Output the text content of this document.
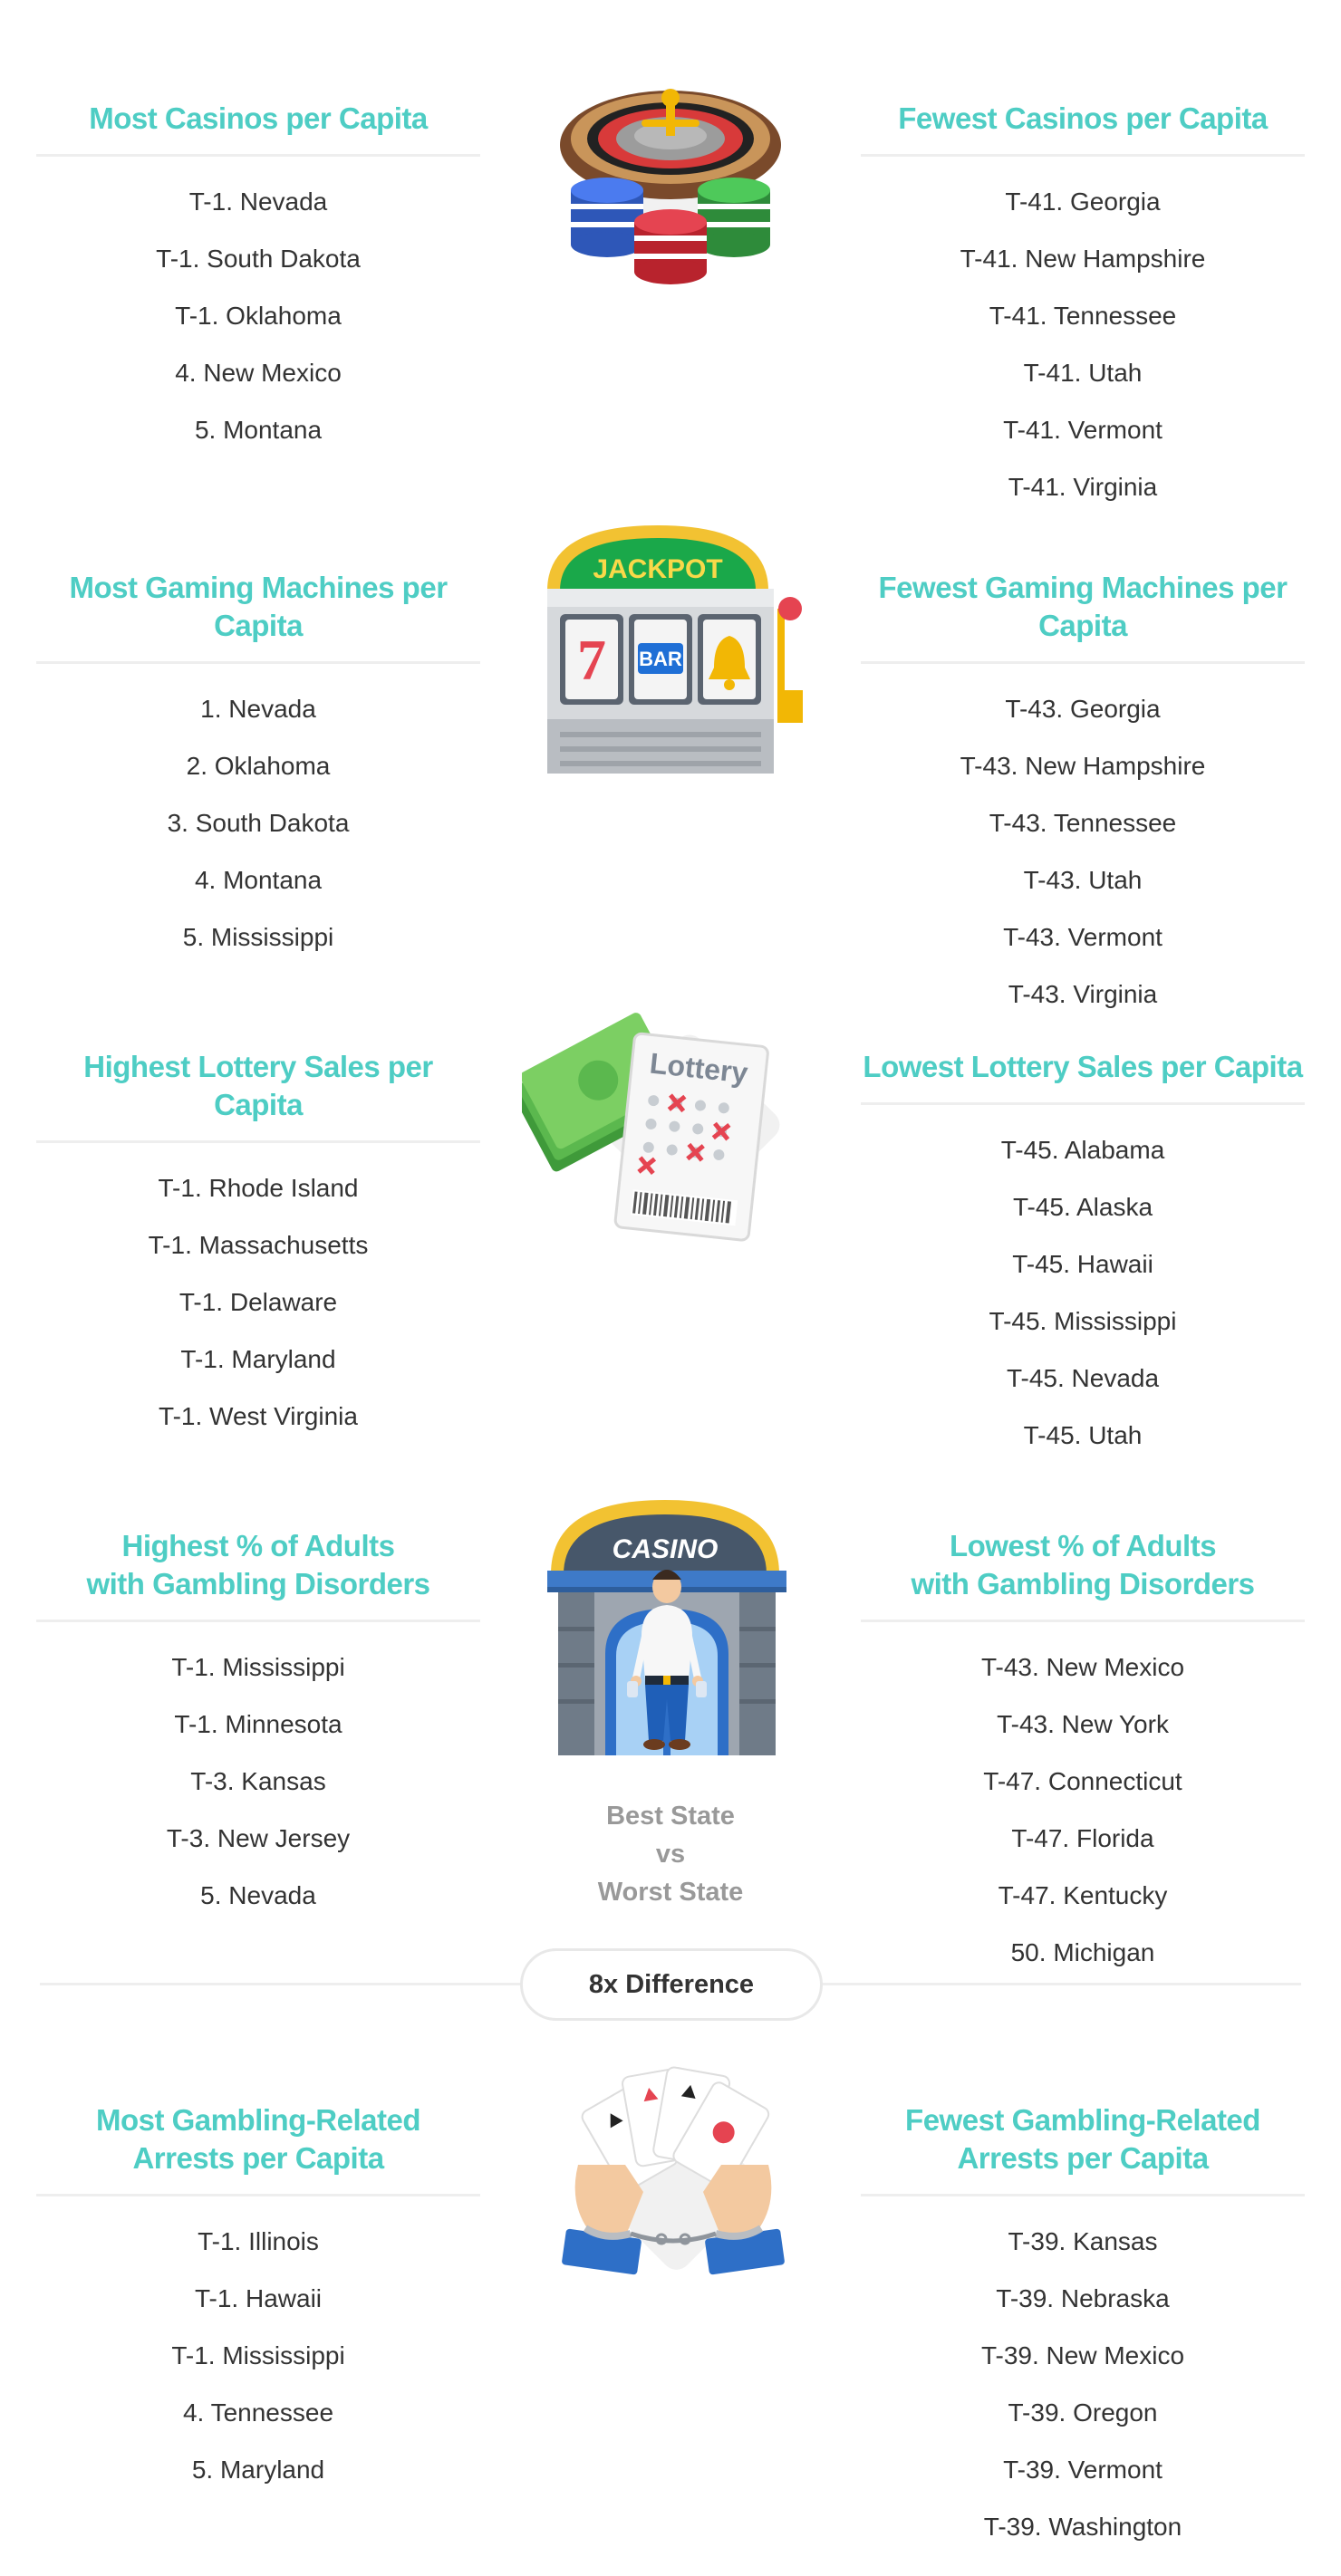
Most Casinos per Capita
T-1. Nevada
T-1. South Dakota
T-1. Oklahoma
4. New Mexico
5. Montana
Fewest Casinos per Capita
T-41. Georgia
T-41. New Hampshire
T-41. Tennessee
T-41. Utah
T-41. Vermont
T-41. Virginia
Most Gaming Machines per Capita
1. Nevada
2. Oklahoma
3. South Dakota
4. Montana
5. Mississippi
Fewest Gaming Machines per Capita
T-43. Georgia
T-43. New Hampshire
T-43. Tennessee
T-43. Utah
T-43. Vermont
T-43. Virginia
JACKPOT
7 BAR
Highest Lottery Sales per Capita
T-1. Rhode Island
T-1. Massachusetts
T-1. Delaware
T-1. Maryland
T-1. West Virginia
Lowest Lottery Sales per Capita
T-45. Alabama
T-45. Alaska
T-45. Hawaii
T-45. Mississippi
T-45. Nevada
T-45. Utah
Lottery
Highest % of Adults
with Gambling Disorders
T-1. Mississippi
T-1. Minnesota
T-3. Kansas
T-3. New Jersey
5. Nevada
Lowest % of Adults
with Gambling Disorders
T-43. New Mexico
T-43. New York
T-47. Connecticut
T-47. Florida
T-47. Kentucky
50. Michigan
CASINO
Best State
vs
Worst State
8x Difference
Most Gambling-Related
Arrests per Capita
T-1. Illinois
T-1. Hawaii
T-1. Mississippi
4. Tennessee
5. Maryland
Fewest Gambling-Related
Arrests per Capita
T-39. Kansas
T-39. Nebraska
T-39. New Mexico
T-39. Oregon
T-39. Vermont
T-39. Washington
